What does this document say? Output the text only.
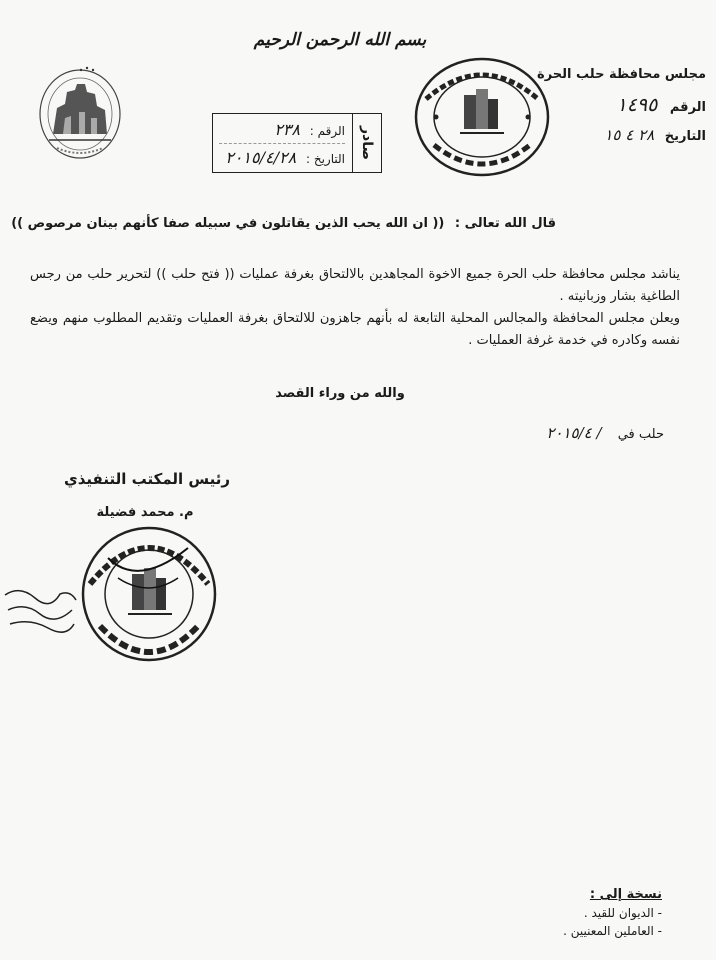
بسم الله الرحمن الرحيم
مجلس محافظة حلب الحرة
الرقم ١٤٩٥
التاريخ ٢٨ ٤ ١٥
صادر
الرقم : ٢٣٨
التاريخ : ٢٠١٥/٤/٢٨
قال الله تعالى : (( ان الله يحب الذين يقاتلون في سبيله صفا كأنهم بينان مرصوص ))

يناشد مجلس محافظة حلب الحرة جميع الاخوة المجاهدين بالالتحاق بغرفة عمليات (( فتح حلب )) لتحرير حلب من رجس الطاغية بشار وزبانيته .

ويعلن مجلس المحافظة والمجالس المحلية التابعة له بأنهم جاهزون للالتحاق بغرفة العمليات وتقديم المطلوب منهم ويضع نفسه وكادره في خدمة غرفة العمليات .

والله من وراء القصد
حلب في / ٢٠١٥/٤
رئيس المكتب التنفيذي
م. محمد فضيلة
نسخة إلى :
- الديوان للقيد .
- العاملين المعنيين .
